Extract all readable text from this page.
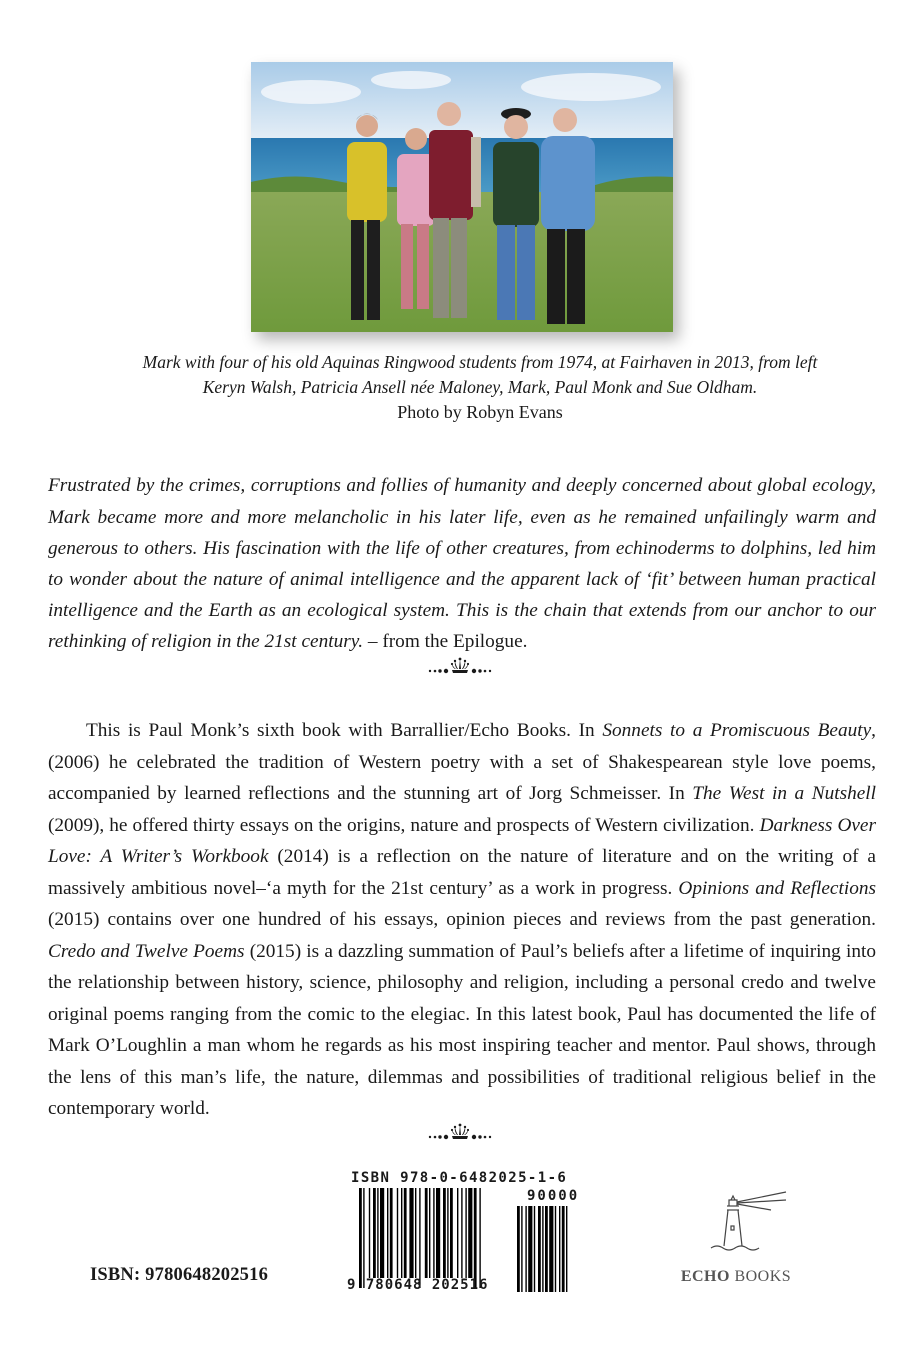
Mark with four of his old Aquinas Ringwood students from 1974, at Fairhaven in 2013, from left
Keryn Walsh, Patricia Ansell née Maloney, Mark, Paul Monk and Sue Oldham.
Photo by Robyn Evans

Frustrated by the crimes, corruptions and follies of humanity and deeply concerned about global ecology, Mark became more and more melancholic in his later life, even as he remained unfailingly warm and generous to others. His fascination with the life of other creatures, from echinoderms to dolphins, led him to wonder about the nature of animal intelligence and the apparent lack of ‘fit’ between human practical intelligence and the Earth as an ecological system. This is the chain that extends from our anchor to our rethinking of religion in the 21st century. – from the Epilogue.

This is Paul Monk’s sixth book with Barrallier/Echo Books. In Sonnets to a Promiscuous Beauty, (2006) he celebrated the tradition of Western poetry with a set of Shakespearean style love poems, accompanied by learned reflections and the stunning art of Jorg Schmeisser. In The West in a Nutshell (2009), he offered thirty essays on the origins, nature and prospects of Western civilization. Darkness Over Love: A Writer’s Workbook (2014) is a reflection on the nature of literature and on the writing of a massively ambitious novel–‘a myth for the 21st century’ as a work in progress. Opinions and Reflections (2015) contains over one hundred of his essays, opinion pieces and reviews from the past generation. Credo and Twelve Poems (2015) is a dazzling summation of Paul’s beliefs after a lifetime of inquiring into the relationship between history, science, philosophy and religion, including a personal credo and twelve original poems ranging from the comic to the elegiac. In this latest book, Paul has documented the life of Mark O’Loughlin a man whom he regards as his most inspiring teacher and mentor. Paul shows, through the lens of this man’s life, the nature, dilemmas and possibilities of traditional religious belief in the contemporary world.

ISBN: 9780648202516
ISBN 978-0-6482025-1-6
90000
9 780648 202516	ECHO BOOKS
